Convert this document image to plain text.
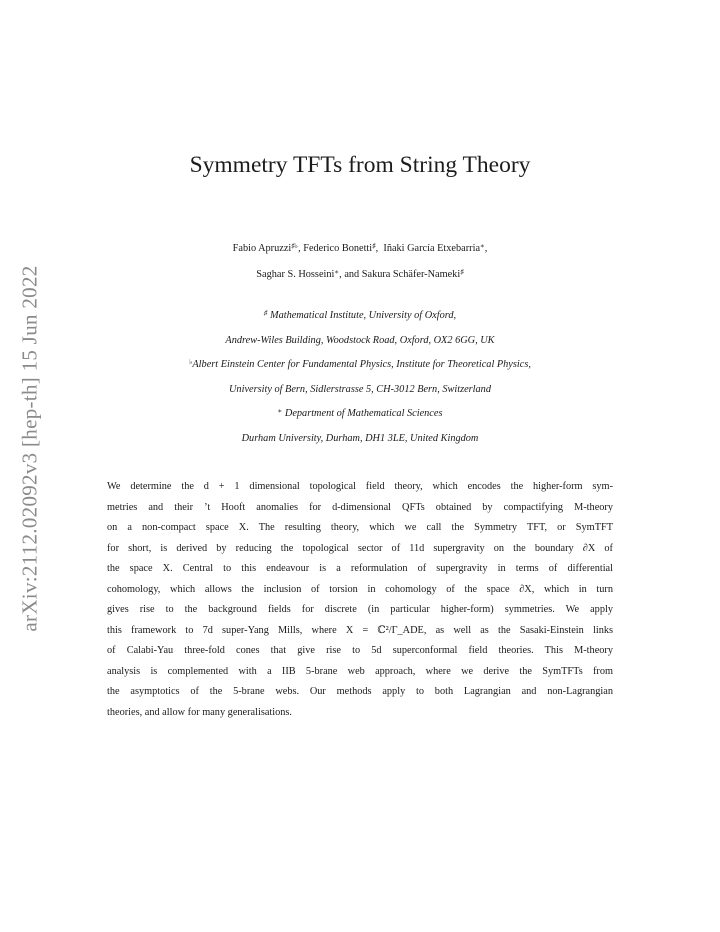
arXiv:2112.02092v3 [hep-th] 15 Jun 2022
Symmetry TFTs from String Theory
Fabio Apruzzi♯♭, Federico Bonetti♯,  Iñaki García Etxebarria∗,
Saghar S. Hosseini∗, and Sakura Schäfer-Nameki♯
♯ Mathematical Institute, University of Oxford,
Andrew-Wiles Building, Woodstock Road, Oxford, OX2 6GG, UK
♭Albert Einstein Center for Fundamental Physics, Institute for Theoretical Physics,
University of Bern, Sidlerstrasse 5, CH-3012 Bern, Switzerland
∗ Department of Mathematical Sciences
Durham University, Durham, DH1 3LE, United Kingdom
We determine the d + 1 dimensional topological field theory, which encodes the higher-form sym-
metries and their ’t Hooft anomalies for d-dimensional QFTs obtained by compactifying M-theory
on a non-compact space X. The resulting theory, which we call the Symmetry TFT, or SymTFT
for short, is derived by reducing the topological sector of 11d supergravity on the boundary ∂X of
the space X. Central to this endeavour is a reformulation of supergravity in terms of differential
cohomology, which allows the inclusion of torsion in cohomology of the space ∂X, which in turn
gives rise to the background fields for discrete (in particular higher-form) symmetries. We apply
this framework to 7d super-Yang Mills, where X = ℂ²/Γ_ADE, as well as the Sasaki-Einstein links
of Calabi-Yau three-fold cones that give rise to 5d superconformal field theories. This M-theory
analysis is complemented with a IIB 5-brane web approach, where we derive the SymTFTs from
the asymptotics of the 5-brane webs. Our methods apply to both Lagrangian and non-Lagrangian
theories, and allow for many generalisations.
